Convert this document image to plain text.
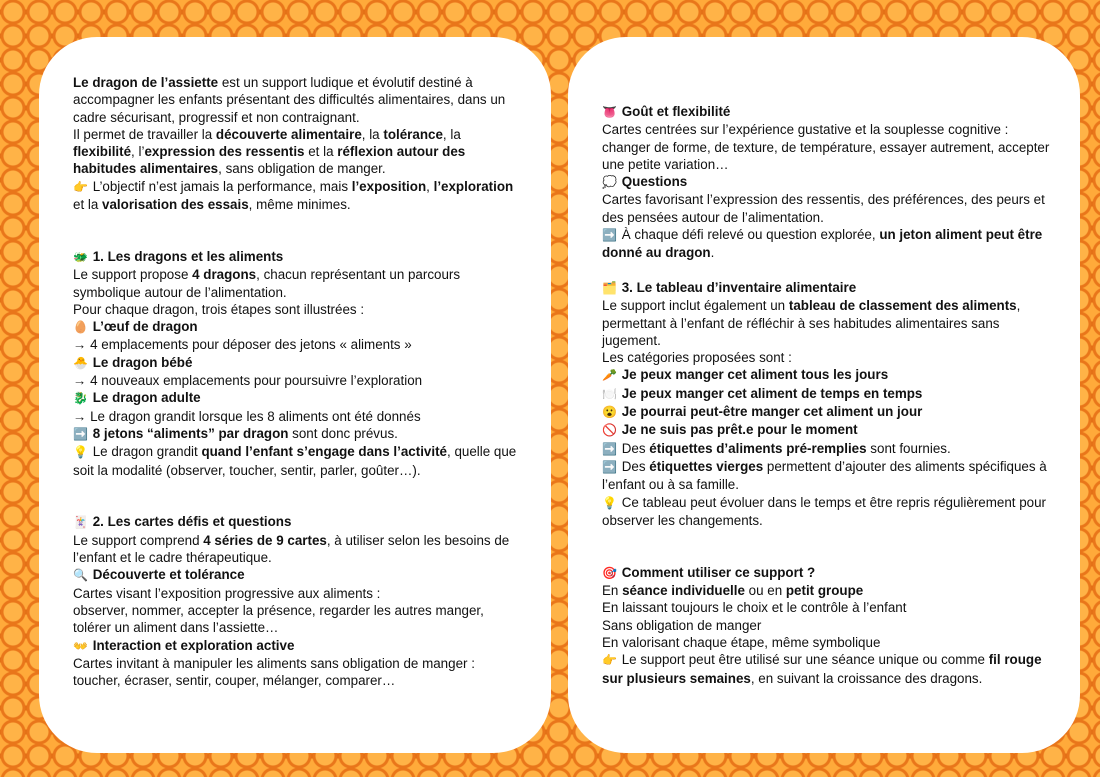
Le dragon de l’assiette est un support ludique et évolutif destiné à accompagner les enfants présentant des difficultés alimentaires, dans un cadre sécurisant, progressif et non contraignant.

Il permet de travailler la découverte alimentaire, la tolérance, la flexibilité, l’expression des ressentis et la réflexion autour des habitudes alimentaires, sans obligation de manger.

👉 L’objectif n’est jamais la performance, mais l’exposition, l’exploration et la valorisation des essais, même minimes.

🐲 1. Les dragons et les aliments

Le support propose 4 dragons, chacun représentant un parcours symbolique autour de l’alimentation.

Pour chaque dragon, trois étapes sont illustrées :

🥚 L’œuf de dragon

→ 4 emplacements pour déposer des jetons « aliments »

🐣 Le dragon bébé

→ 4 nouveaux emplacements pour poursuivre l’exploration

🐉 Le dragon adulte

→ Le dragon grandit lorsque les 8 aliments ont été donnés

➡️ 8 jetons “aliments” par dragon sont donc prévus.

💡 Le dragon grandit quand l’enfant s’engage dans l’activité, quelle que soit la modalité (observer, toucher, sentir, parler, goûter…).

🃏 2. Les cartes défis et questions

Le support comprend 4 séries de 9 cartes, à utiliser selon les besoins de l’enfant et le cadre thérapeutique.

🔍 Découverte et tolérance

Cartes visant l’exposition progressive aux aliments :

observer, nommer, accepter la présence, regarder les autres manger, tolérer un aliment dans l’assiette…

👐 Interaction et exploration active

Cartes invitant à manipuler les aliments sans obligation de manger :

toucher, écraser, sentir, couper, mélanger, comparer…

👅 Goût et flexibilité

Cartes centrées sur l’expérience gustative et la souplesse cognitive : changer de forme, de texture, de température, essayer autrement, accepter une petite variation…

💭 Questions

Cartes favorisant l’expression des ressentis, des préférences, des peurs et des pensées autour de l’alimentation.

➡️ À chaque défi relevé ou question explorée, un jeton aliment peut être donné au dragon.

🗂️ 3. Le tableau d’inventaire alimentaire

Le support inclut également un tableau de classement des aliments, permettant à l’enfant de réfléchir à ses habitudes alimentaires sans jugement.

Les catégories proposées sont :

🥕 Je peux manger cet aliment tous les jours

🍽️ Je peux manger cet aliment de temps en temps

😮 Je pourrai peut-être manger cet aliment un jour

🚫 Je ne suis pas prêt.e pour le moment

➡️ Des étiquettes d’aliments pré-remplies sont fournies.

➡️ Des étiquettes vierges permettent d’ajouter des aliments spécifiques à l’enfant ou à sa famille.

💡 Ce tableau peut évoluer dans le temps et être repris régulièrement pour observer les changements.

🎯 Comment utiliser ce support ?

En séance individuelle ou en petit groupe

En laissant toujours le choix et le contrôle à l’enfant

Sans obligation de manger

En valorisant chaque étape, même symbolique

👉 Le support peut être utilisé sur une séance unique ou comme fil rouge sur plusieurs semaines, en suivant la croissance des dragons.
